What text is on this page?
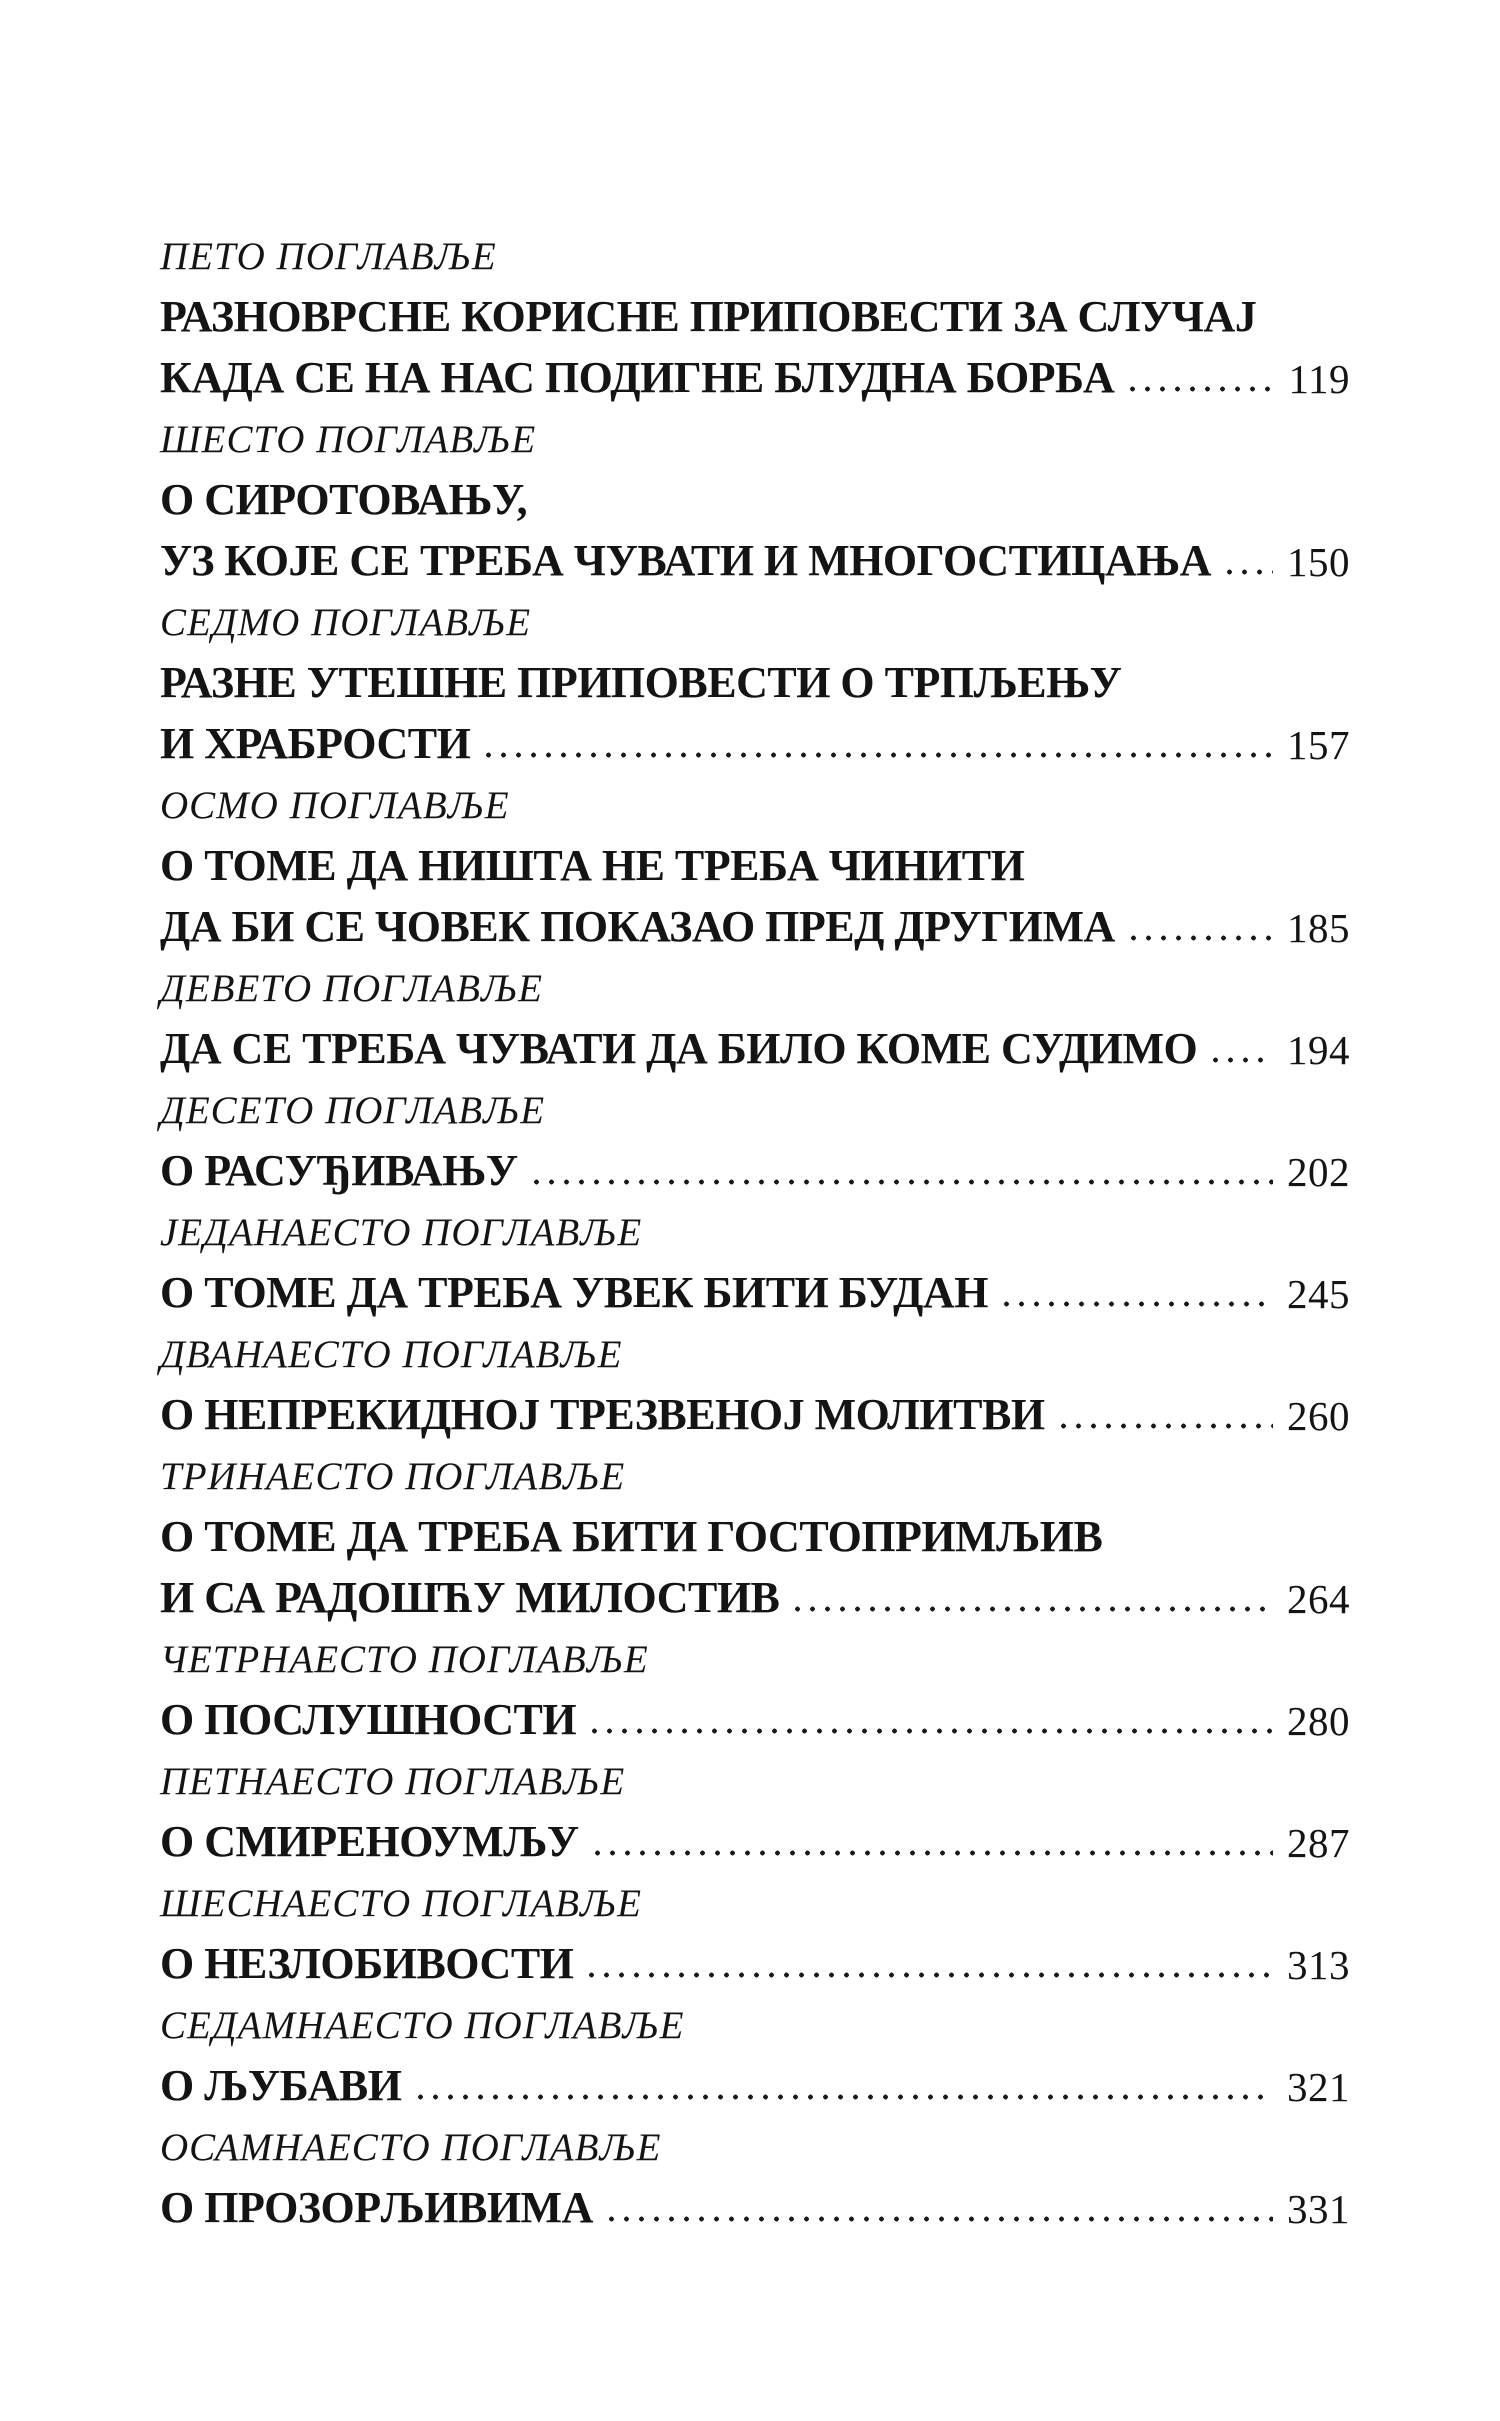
ПЕТО ПОГЛАВЉЕ
РАЗНОВРСНЕ КОРИСНЕ ПРИПОВЕСТИ ЗА СЛУЧАЈ
КАДА СЕ НА НАС ПОДИГНЕ БЛУДНА БОРБА	119
ШЕСТО ПОГЛАВЉЕ
О СИРОТОВАЊУ,
УЗ КОЈЕ СЕ ТРЕБА ЧУВАТИ И МНОГОСТИЦАЊА 150
СЕДМО ПОГЛАВЉЕ
РАЗНЕ УТЕШНЕ ПРИПОВЕСТИ О ТРПЉЕЊУ
И ХРАБРОСТИ	157
ОСМО ПОГЛАВЉЕ
О ТОМЕ ДА НИШТА НЕ ТРЕБА ЧИНИТИ
ДА БИ СЕ ЧОВЕК ПОКАЗАО ПРЕД ДРУГИМА	185
ДЕВЕТО ПОГЛАВЉЕ
ДА СЕ ТРЕБА ЧУВАТИ ДА БИЛО КОМЕ СУДИМО 194
ДЕСЕТО ПОГЛАВЉЕ
О РАСУЂИВАЊУ	202
ЈЕДАНАЕСТО ПОГЛАВЉЕ
О ТОМЕ ДА ТРЕБА УВЕК БИТИ БУДАН	245
ДВАНАЕСТО ПОГЛАВЉЕ
О НЕПРЕКИДНОЈ ТРЕЗВЕНОЈ МОЛИТВИ	260
ТРИНАЕСТО ПОГЛАВЉЕ
О ТОМЕ ДА ТРЕБА БИТИ ГОСТОПРИМЉИВ
И СА РАДОШЋУ МИЛОСТИВ	264
ЧЕТРНАЕСТО ПОГЛАВЉЕ
О ПОСЛУШНОСТИ	280
ПЕТНАЕСТО ПОГЛАВЉЕ
О СМИРЕНОУМЉУ	287
ШЕСНАЕСТО ПОГЛАВЉЕ
О НЕЗЛОБИВОСТИ	313
СЕДАМНАЕСТО ПОГЛАВЉЕ
О ЉУБАВИ	321
ОСАМНАЕСТО ПОГЛАВЉЕ
О ПРОЗОРЉИВИМА	331
